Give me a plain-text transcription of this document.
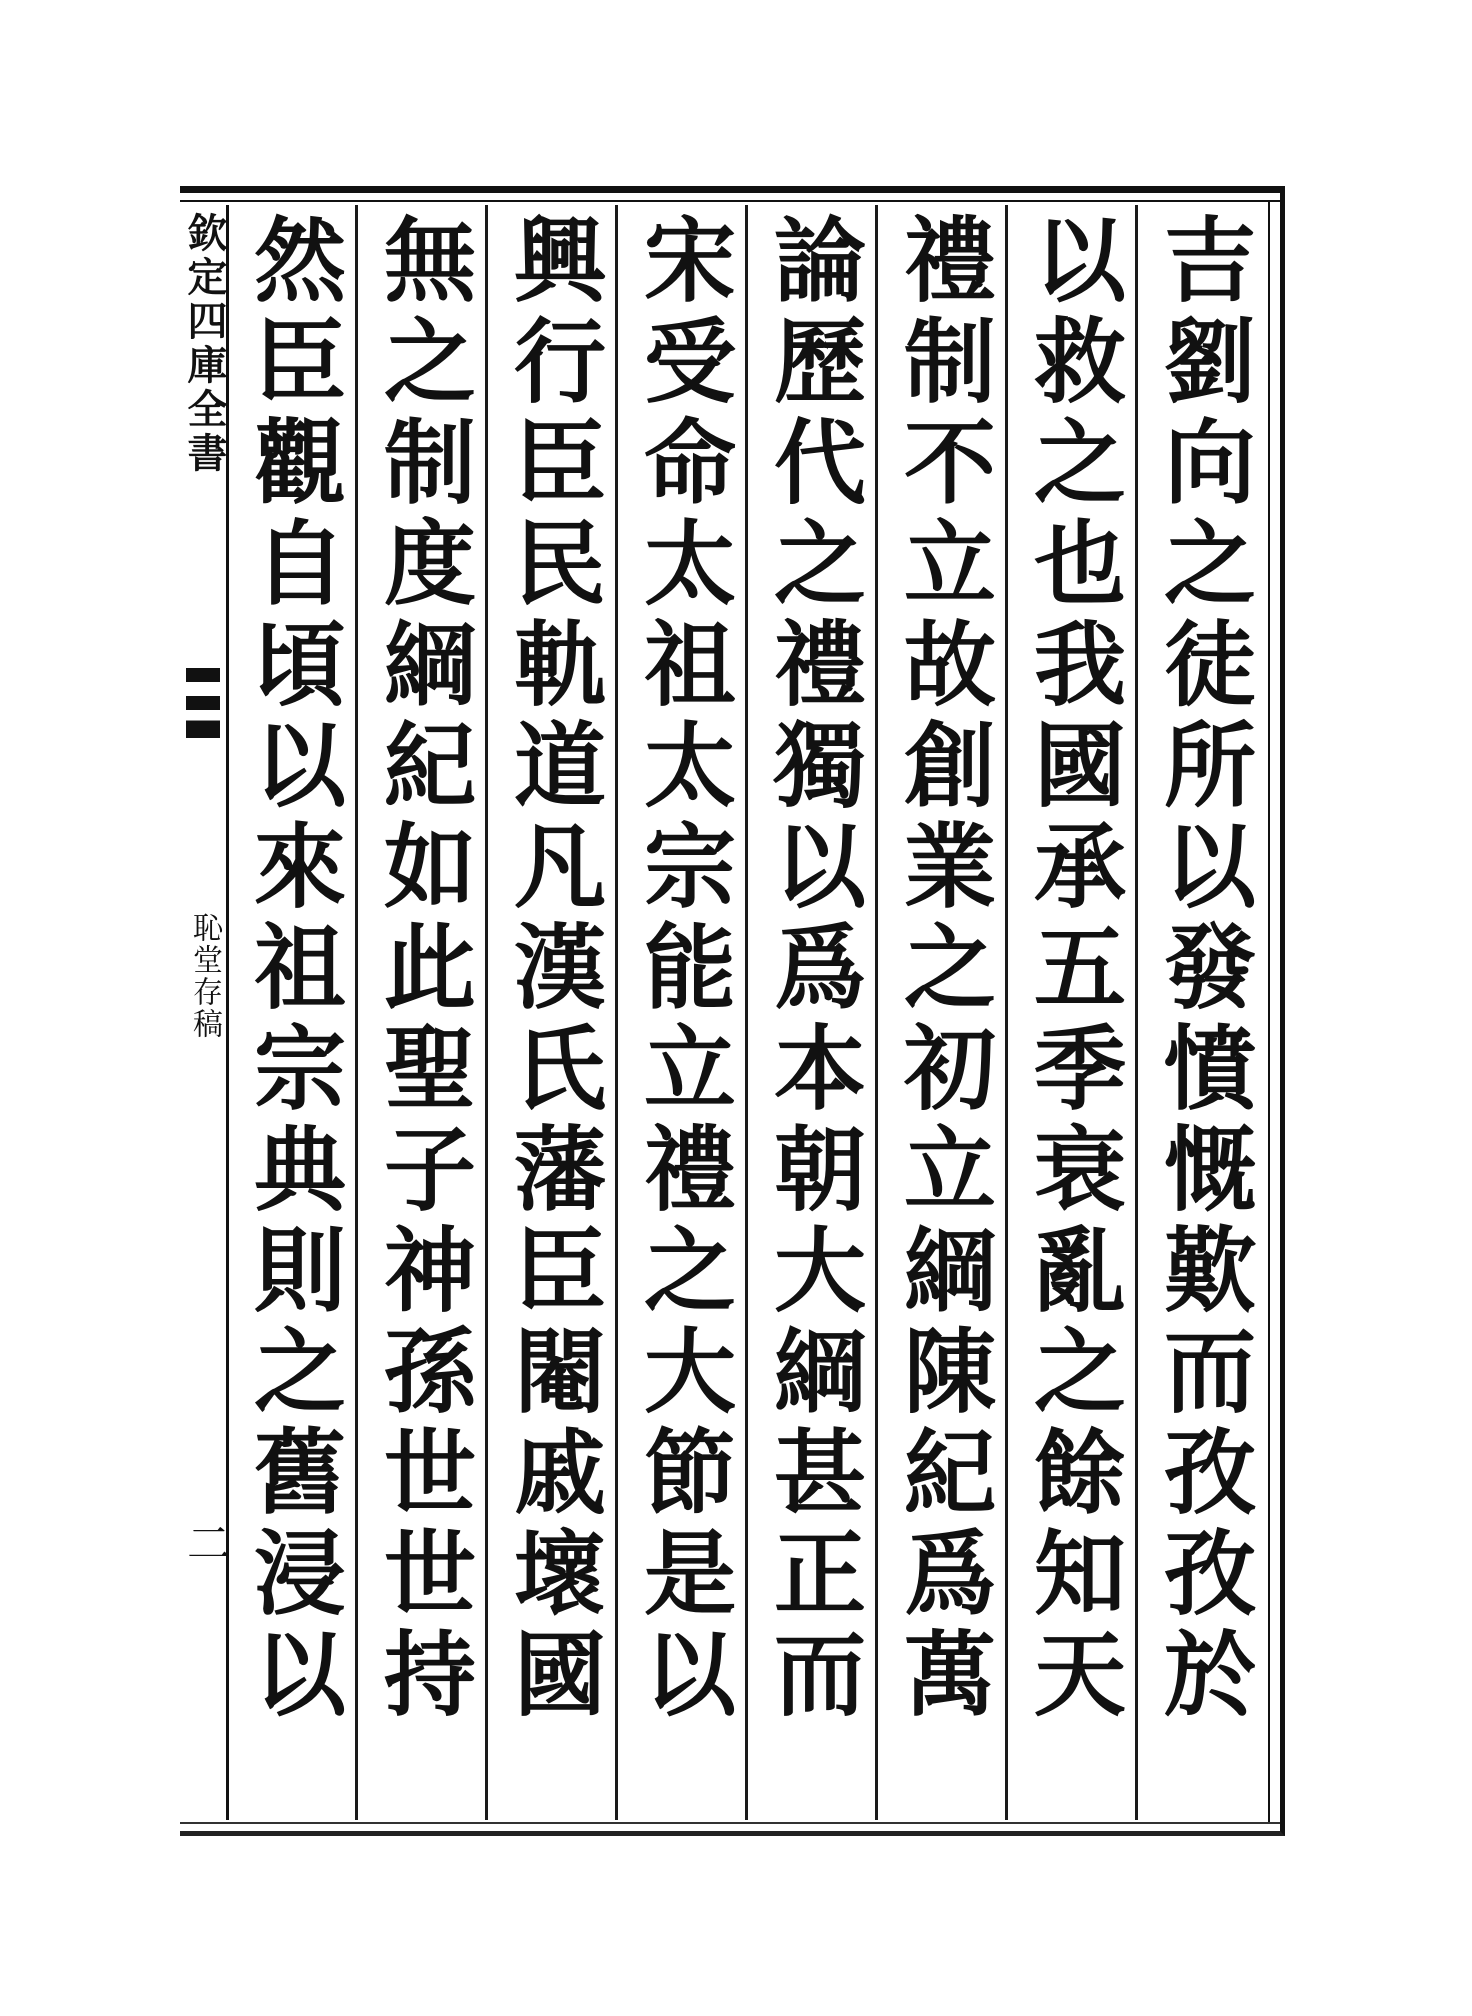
欽定四庫全書
恥堂存稿
二
吉劉向之徒所以發憤慨歎而孜孜於
以救之也我國承五季衰亂之餘知天
禮制不立故創業之初立綱陳紀爲萬
論歷代之禮獨以爲本朝大綱甚正而
宋受命太祖太宗能立禮之大節是以
興行臣民軌道凡漢氏藩臣閹戚壞國
無之制度綱紀如此聖子神孫世世持
然臣觀自頃以來祖宗典則之舊浸以
